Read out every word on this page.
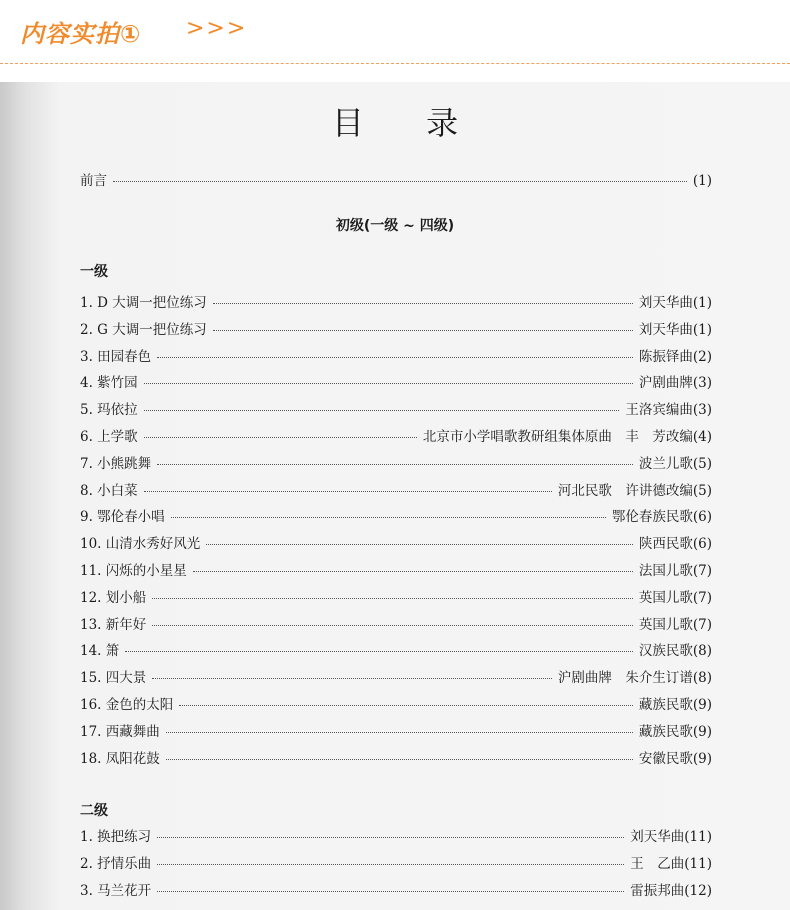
内容实拍① >>>
目 录
前言	(1)
初级(一级 ~ 四级)
一级
1. D 大调一把位练习	刘天华曲 (1)
2. G 大调一把位练习	刘天华曲 (1)
3. 田园春色	陈振铎曲 (2)
4. 紫竹园	沪剧曲牌 (3)
5. 玛依拉	王洛宾编曲 (3)
6. 上学歌	北京市小学唱歌教研组集体原曲　丰　芳改编 (4)
7. 小熊跳舞	波兰儿歌 (5)
8. 小白菜	河北民歌　许讲德改编 (5)
9. 鄂伦春小唱	鄂伦春族民歌 (6)
10. 山清水秀好风光	陕西民歌 (6)
11. 闪烁的小星星	法国儿歌 (7)
12. 划小船	英国儿歌 (7)
13. 新年好	英国儿歌 (7)
14. 箫	汉族民歌 (8)
15. 四大景	沪剧曲牌　朱介生订谱 (8)
16. 金色的太阳	藏族民歌 (9)
17. 西藏舞曲	藏族民歌 (9)
18. 凤阳花鼓	安徽民歌 (9)
二级
1. 换把练习	刘天华曲 (11)
2. 抒情乐曲	王　乙曲 (11)
3. 马兰花开	雷振邦曲 (12)
